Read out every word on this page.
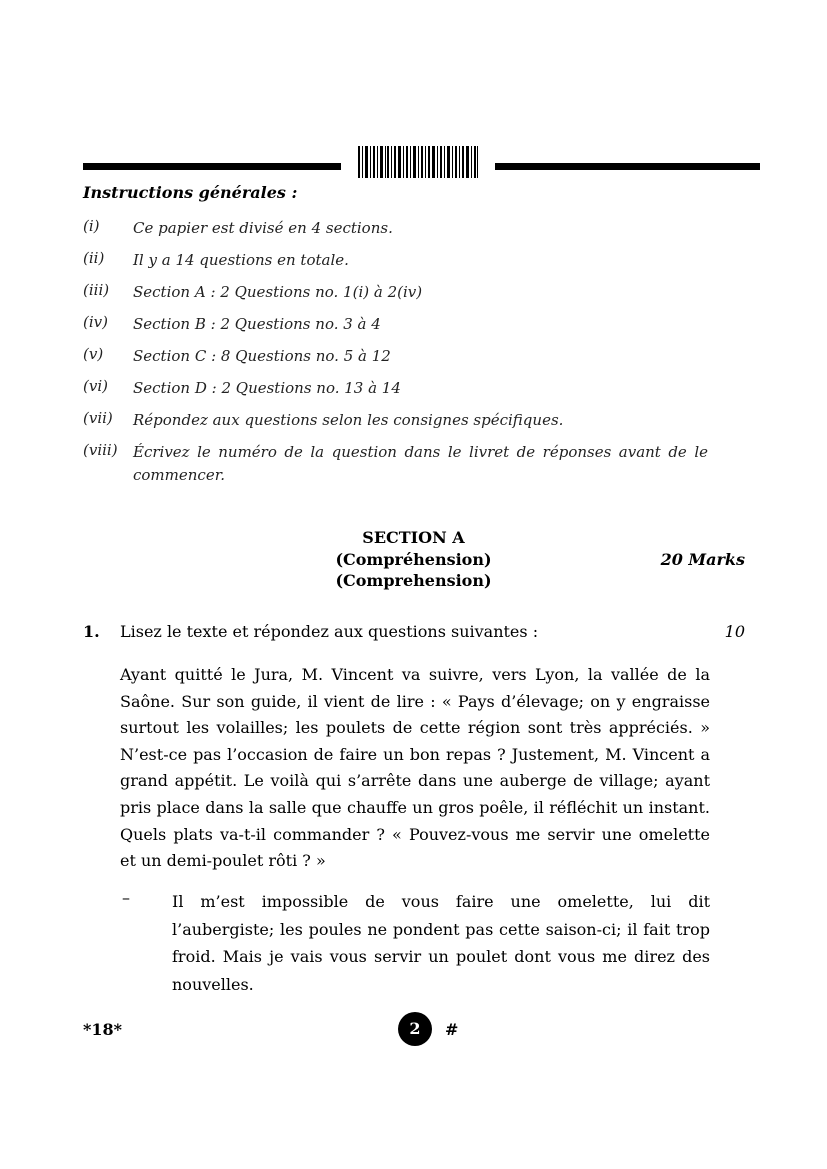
Instructions générales :
(i) Ce papier est divisé en 4 sections.
(ii) Il y a 14 questions en totale.
(iii) Section A : 2 Questions no. 1(i) à 2(iv)
(iv) Section B : 2 Questions no. 3 à 4
(v) Section C : 8 Questions no. 5 à 12
(vi) Section D : 2 Questions no. 13 à 14
(vii) Répondez aux questions selon les consignes spécifiques.
(viii) Écrivez le numéro de la question dans le livret de réponses avant de le commencer.
SECTION A
(Compréhension)
(Comprehension)
20 Marks
1. Lisez le texte et répondez aux questions suivantes :	10
Ayant quitté le Jura, M. Vincent va suivre, vers Lyon, la vallée de la Saône. Sur son guide, il vient de lire : « Pays d’élevage; on y engraisse surtout les volailles; les poulets de cette région sont très appréciés. » N’est-ce pas l’occasion de faire un bon repas ? Justement, M. Vincent a grand appétit. Le voilà qui s’arrête dans une auberge de village; ayant pris place dans la salle que chauffe un gros poêle, il réfléchit un instant. Quels plats va-t-il commander ? « Pouvez-vous me servir une omelette et un demi-poulet rôti ? »
–	Il m’est impossible de vous faire une omelette, lui dit l’aubergiste; les poules ne pondent pas cette saison-ci; il fait trop froid. Mais je vais vous servir un poulet dont vous me direz des nouvelles.
*18*	2	#
